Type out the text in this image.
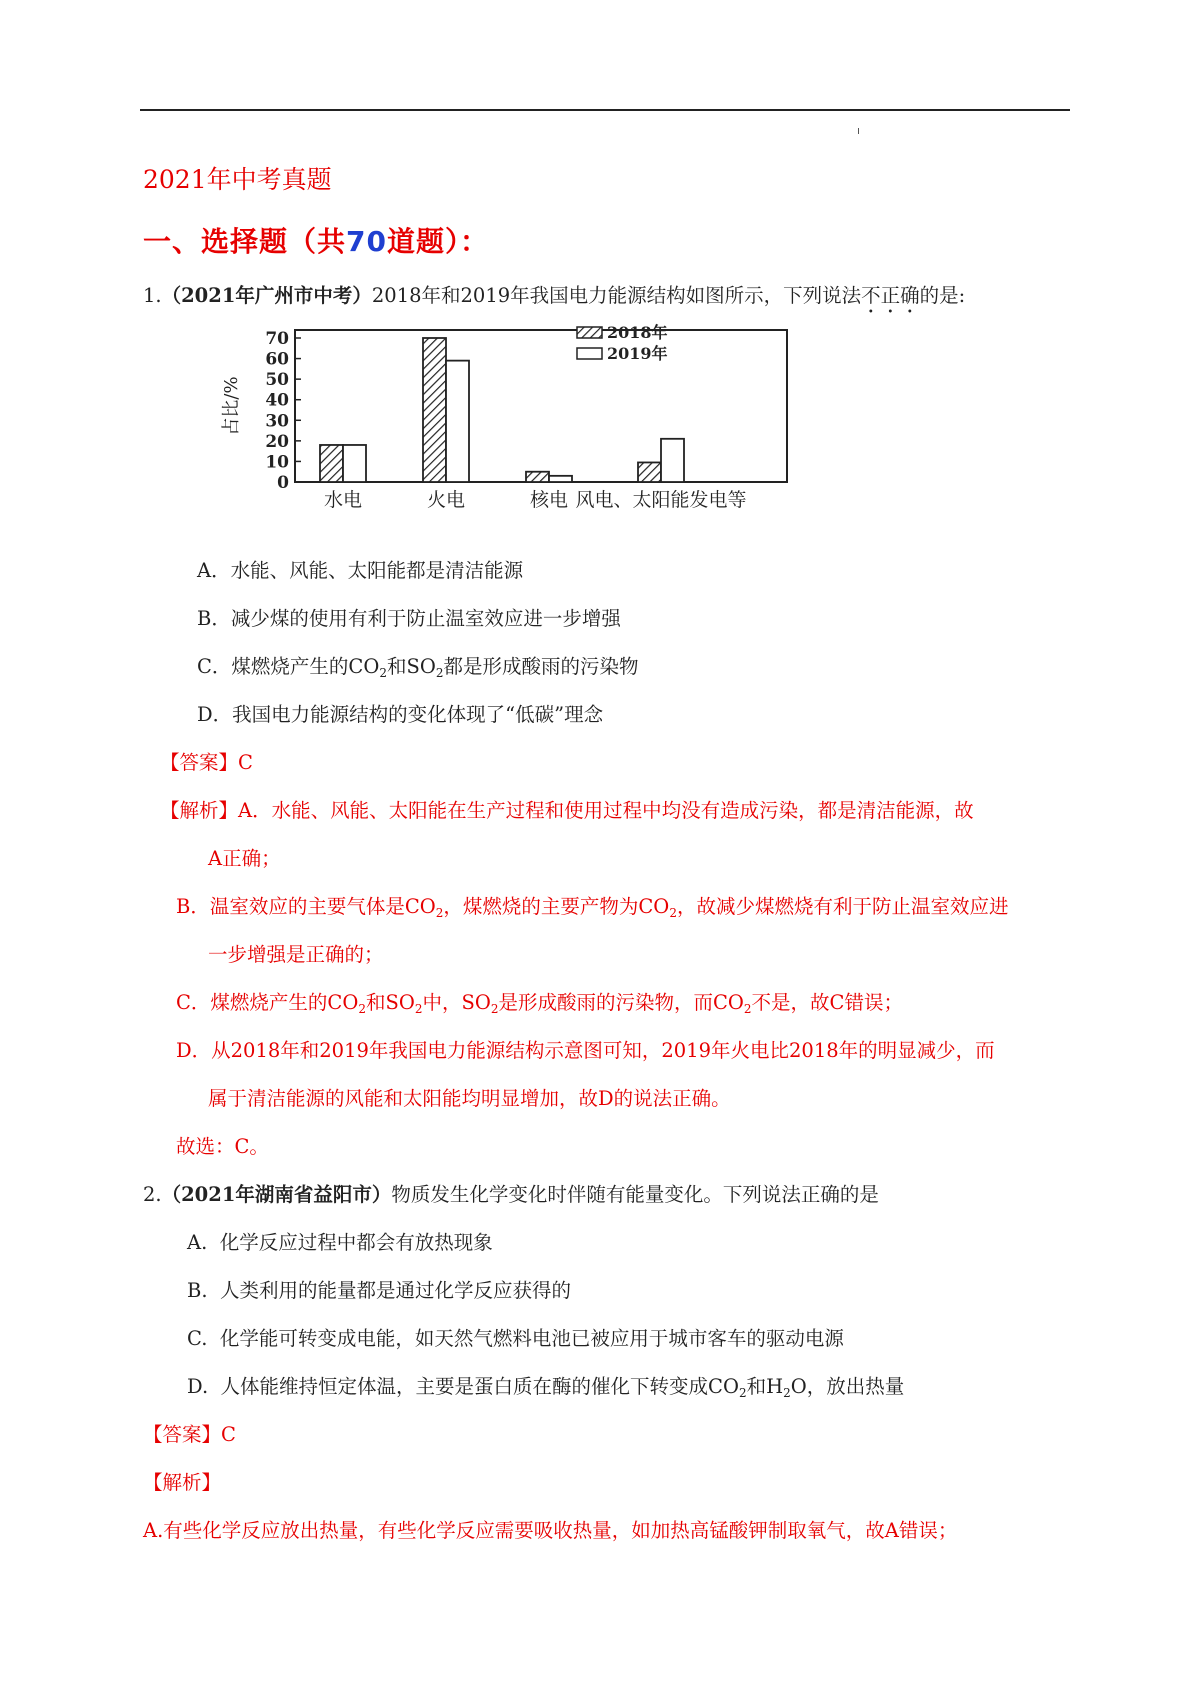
2021年中考真题
一、选择题（共70道题）：
1.（2021年广州市中考）2018年和2019年我国电力能源结构如图所示，下列说法不正确的是:
0
10
20
30
40
50
60
70
占比/%
水电	火电	核电 风电、太阳能发电等
2018年
2019年
A．水能、风能、太阳能都是清洁能源
B．减少煤的使用有利于防止温室效应进一步增强
C．煤燃烧产生的$CO_2$和$SO_2$都是形成酸雨的污染物
D．我国电力能源结构的变化体现了“低碳”理念
【答案】C
【解析】A．水能、风能、太阳能在生产过程和使用过程中均没有造成污染，都是清洁能源，故
A正确；
B．温室效应的主要气体是$CO_2$，煤燃烧的主要产物为$CO_2$，故减少煤燃烧有利于防止温室效应进
一步增强是正确的；
C．煤燃烧产生的$CO_2$和$SO_2$中，$SO_2$是形成酸雨的污染物，而$CO_2$不是，故C错误；
D．从2018年和2019年我国电力能源结构示意图可知，2019年火电比2018年的明显减少，而
属于清洁能源的风能和太阳能均明显增加，故D的说法正确。
故选：C。
2.（2021年湖南省益阳市）物质发生化学变化时伴随有能量变化。下列说法正确的是
A. 化学反应过程中都会有放热现象
B. 人类利用的能量都是通过化学反应获得的
C. 化学能可转变成电能，如天然气燃料电池已被应用于城市客车的驱动电源
D. 人体能维持恒定体温，主要是蛋白质在酶的催化下转变成$CO_2$和$H_2O$，放出热量
【答案】C
【解析】
A.有些化学反应放出热量，有些化学反应需要吸收热量，如加热高锰酸钾制取氧气，故A错误；
